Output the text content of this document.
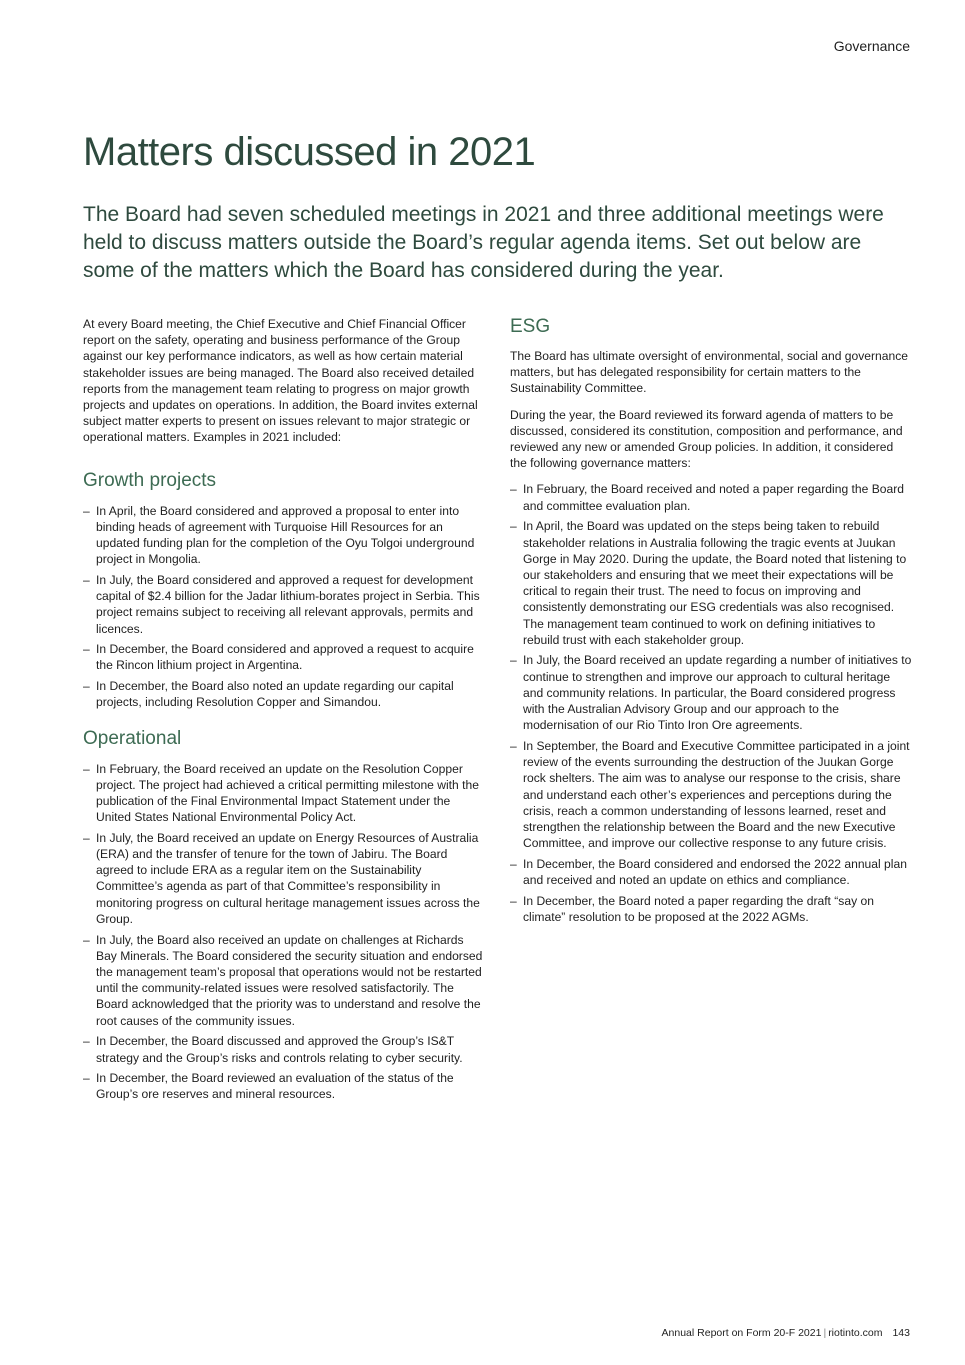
Governance
Matters discussed in 2021

The Board had seven scheduled meetings in 2021 and three additional meetings were held to discuss matters outside the Board’s regular agenda items. Set out below are some of the matters which the Board has considered during the year.

At every Board meeting, the Chief Executive and Chief Financial Officer report on the safety, operating and business performance of the Group against our key performance indicators, as well as how certain material stakeholder issues are being managed. The Board also received detailed reports from the management team relating to progress on major growth projects and updates on operations. In addition, the Board invites external subject matter experts to present on issues relevant to major strategic or operational matters. Examples in 2021 included:

Growth projects
– In April, the Board considered and approved a proposal to enter into binding heads of agreement with Turquoise Hill Resources for an updated funding plan for the completion of the Oyu Tolgoi underground project in Mongolia.
– In July, the Board considered and approved a request for development capital of $2.4 billion for the Jadar lithium-borates project in Serbia. This project remains subject to receiving all relevant approvals, permits and licences.
– In December, the Board considered and approved a request to acquire the Rincon lithium project in Argentina.
– In December, the Board also noted an update regarding our capital projects, including Resolution Copper and Simandou.
Operational
– In February, the Board received an update on the Resolution Copper project. The project had achieved a critical permitting milestone with the publication of the Final Environmental Impact Statement under the United States National Environmental Policy Act.
– In July, the Board received an update on Energy Resources of Australia (ERA) and the transfer of tenure for the town of Jabiru. The Board agreed to include ERA as a regular item on the Sustainability Committee’s agenda as part of that Committee’s responsibility in monitoring progress on cultural heritage management issues across the Group.
– In July, the Board also received an update on challenges at Richards Bay Minerals. The Board considered the security situation and endorsed the management team’s proposal that operations would not be restarted until the community-related issues were resolved satisfactorily. The Board acknowledged that the priority was to understand and resolve the root causes of the community issues.
– In December, the Board discussed and approved the Group’s IS&T strategy and the Group’s risks and controls relating to cyber security.
– In December, the Board reviewed an evaluation of the status of the Group’s ore reserves and mineral resources.
ESG

The Board has ultimate oversight of environmental, social and governance matters, but has delegated responsibility for certain matters to the Sustainability Committee.

During the year, the Board reviewed its forward agenda of matters to be discussed, considered its constitution, composition and performance, and reviewed any new or amended Group policies. In addition, it considered the following governance matters:

– In February, the Board received and noted a paper regarding the Board and committee evaluation plan.
– In April, the Board was updated on the steps being taken to rebuild stakeholder relations in Australia following the tragic events at Juukan Gorge in May 2020. During the update, the Board noted that listening to our stakeholders and ensuring that we meet their expectations will be critical to regain their trust. The need to focus on improving and consistently demonstrating our ESG credentials was also recognised. The management team continued to work on defining initiatives to rebuild trust with each stakeholder group.
– In July, the Board received an update regarding a number of initiatives to continue to strengthen and improve our approach to cultural heritage and community relations. In particular, the Board considered progress with the Australian Advisory Group and our approach to the modernisation of our Rio Tinto Iron Ore agreements.
– In September, the Board and Executive Committee participated in a joint review of the events surrounding the destruction of the Juukan Gorge rock shelters. The aim was to analyse our response to the crisis, share and understand each other’s experiences and perceptions during the crisis, reach a common understanding of lessons learned, reset and strengthen the relationship between the Board and the new Executive Committee, and improve our collective response to any future crisis.
– In December, the Board considered and endorsed the 2022 annual plan and received and noted an update on ethics and compliance.
– In December, the Board noted a paper regarding the draft “say on climate” resolution to be proposed at the 2022 AGMs.
Annual Report on Form 20-F 2021 | riotinto.com 143
